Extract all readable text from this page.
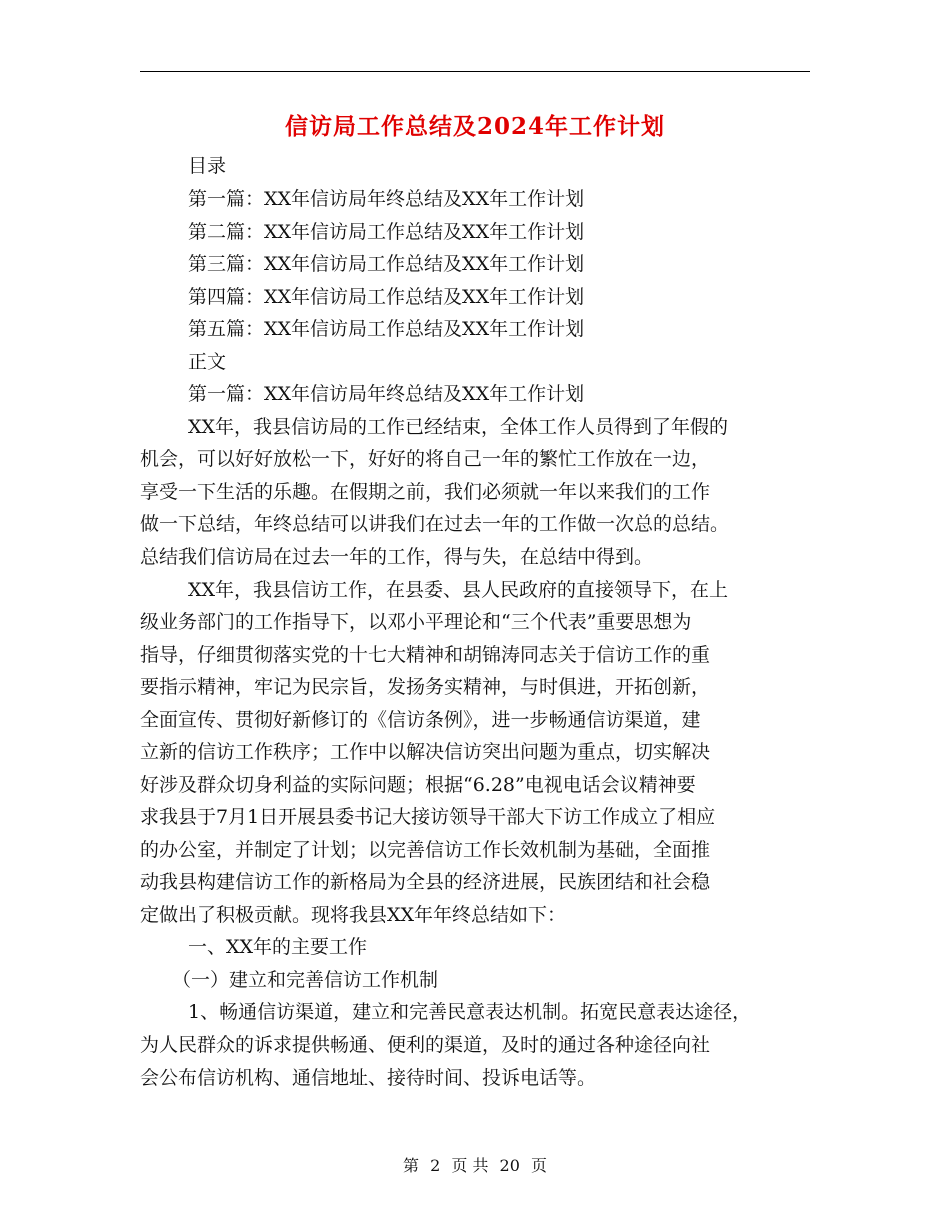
信访局工作总结及2024年工作计划
目录
第一篇：XX年信访局年终总结及XX年工作计划
第二篇：XX年信访局工作总结及XX年工作计划
第三篇：XX年信访局工作总结及XX年工作计划
第四篇：XX年信访局工作总结及XX年工作计划
第五篇：XX年信访局工作总结及XX年工作计划
正文
第一篇：XX年信访局年终总结及XX年工作计划
XX年，我县信访局的工作已经结束，全体工作人员得到了年假的
机会，可以好好放松一下，好好的将自己一年的繁忙工作放在一边，
享受一下生活的乐趣。在假期之前，我们必须就一年以来我们的工作
做一下总结，年终总结可以讲我们在过去一年的工作做一次总的总结。
总结我们信访局在过去一年的工作，得与失，在总结中得到。
XX年，我县信访工作，在县委、县人民政府的直接领导下，在上
级业务部门的工作指导下，以邓小平理论和“三个代表”重要思想为
指导，仔细贯彻落实党的十七大精神和胡锦涛同志关于信访工作的重
要指示精神，牢记为民宗旨，发扬务实精神，与时俱进，开拓创新，
全面宣传、贯彻好新修订的《信访条例》，进一步畅通信访渠道，建
立新的信访工作秩序；工作中以解决信访突出问题为重点，切实解决
好涉及群众切身利益的实际问题；根据“6.28”电视电话会议精神要
求我县于7月1日开展县委书记大接访领导干部大下访工作成立了相应
的办公室，并制定了计划；以完善信访工作长效机制为基础，全面推
动我县构建信访工作的新格局为全县的经济进展，民族团结和社会稳
定做出了积极贡献。现将我县XX年年终总结如下：
一、XX年的主要工作
（一）建立和完善信访工作机制
1、畅通信访渠道，建立和完善民意表达机制。拓宽民意表达途径，
为人民群众的诉求提供畅通、便利的渠道，及时的通过各种途径向社
会公布信访机构、通信地址、接待时间、投诉电话等。
第 2 页 共 20 页
